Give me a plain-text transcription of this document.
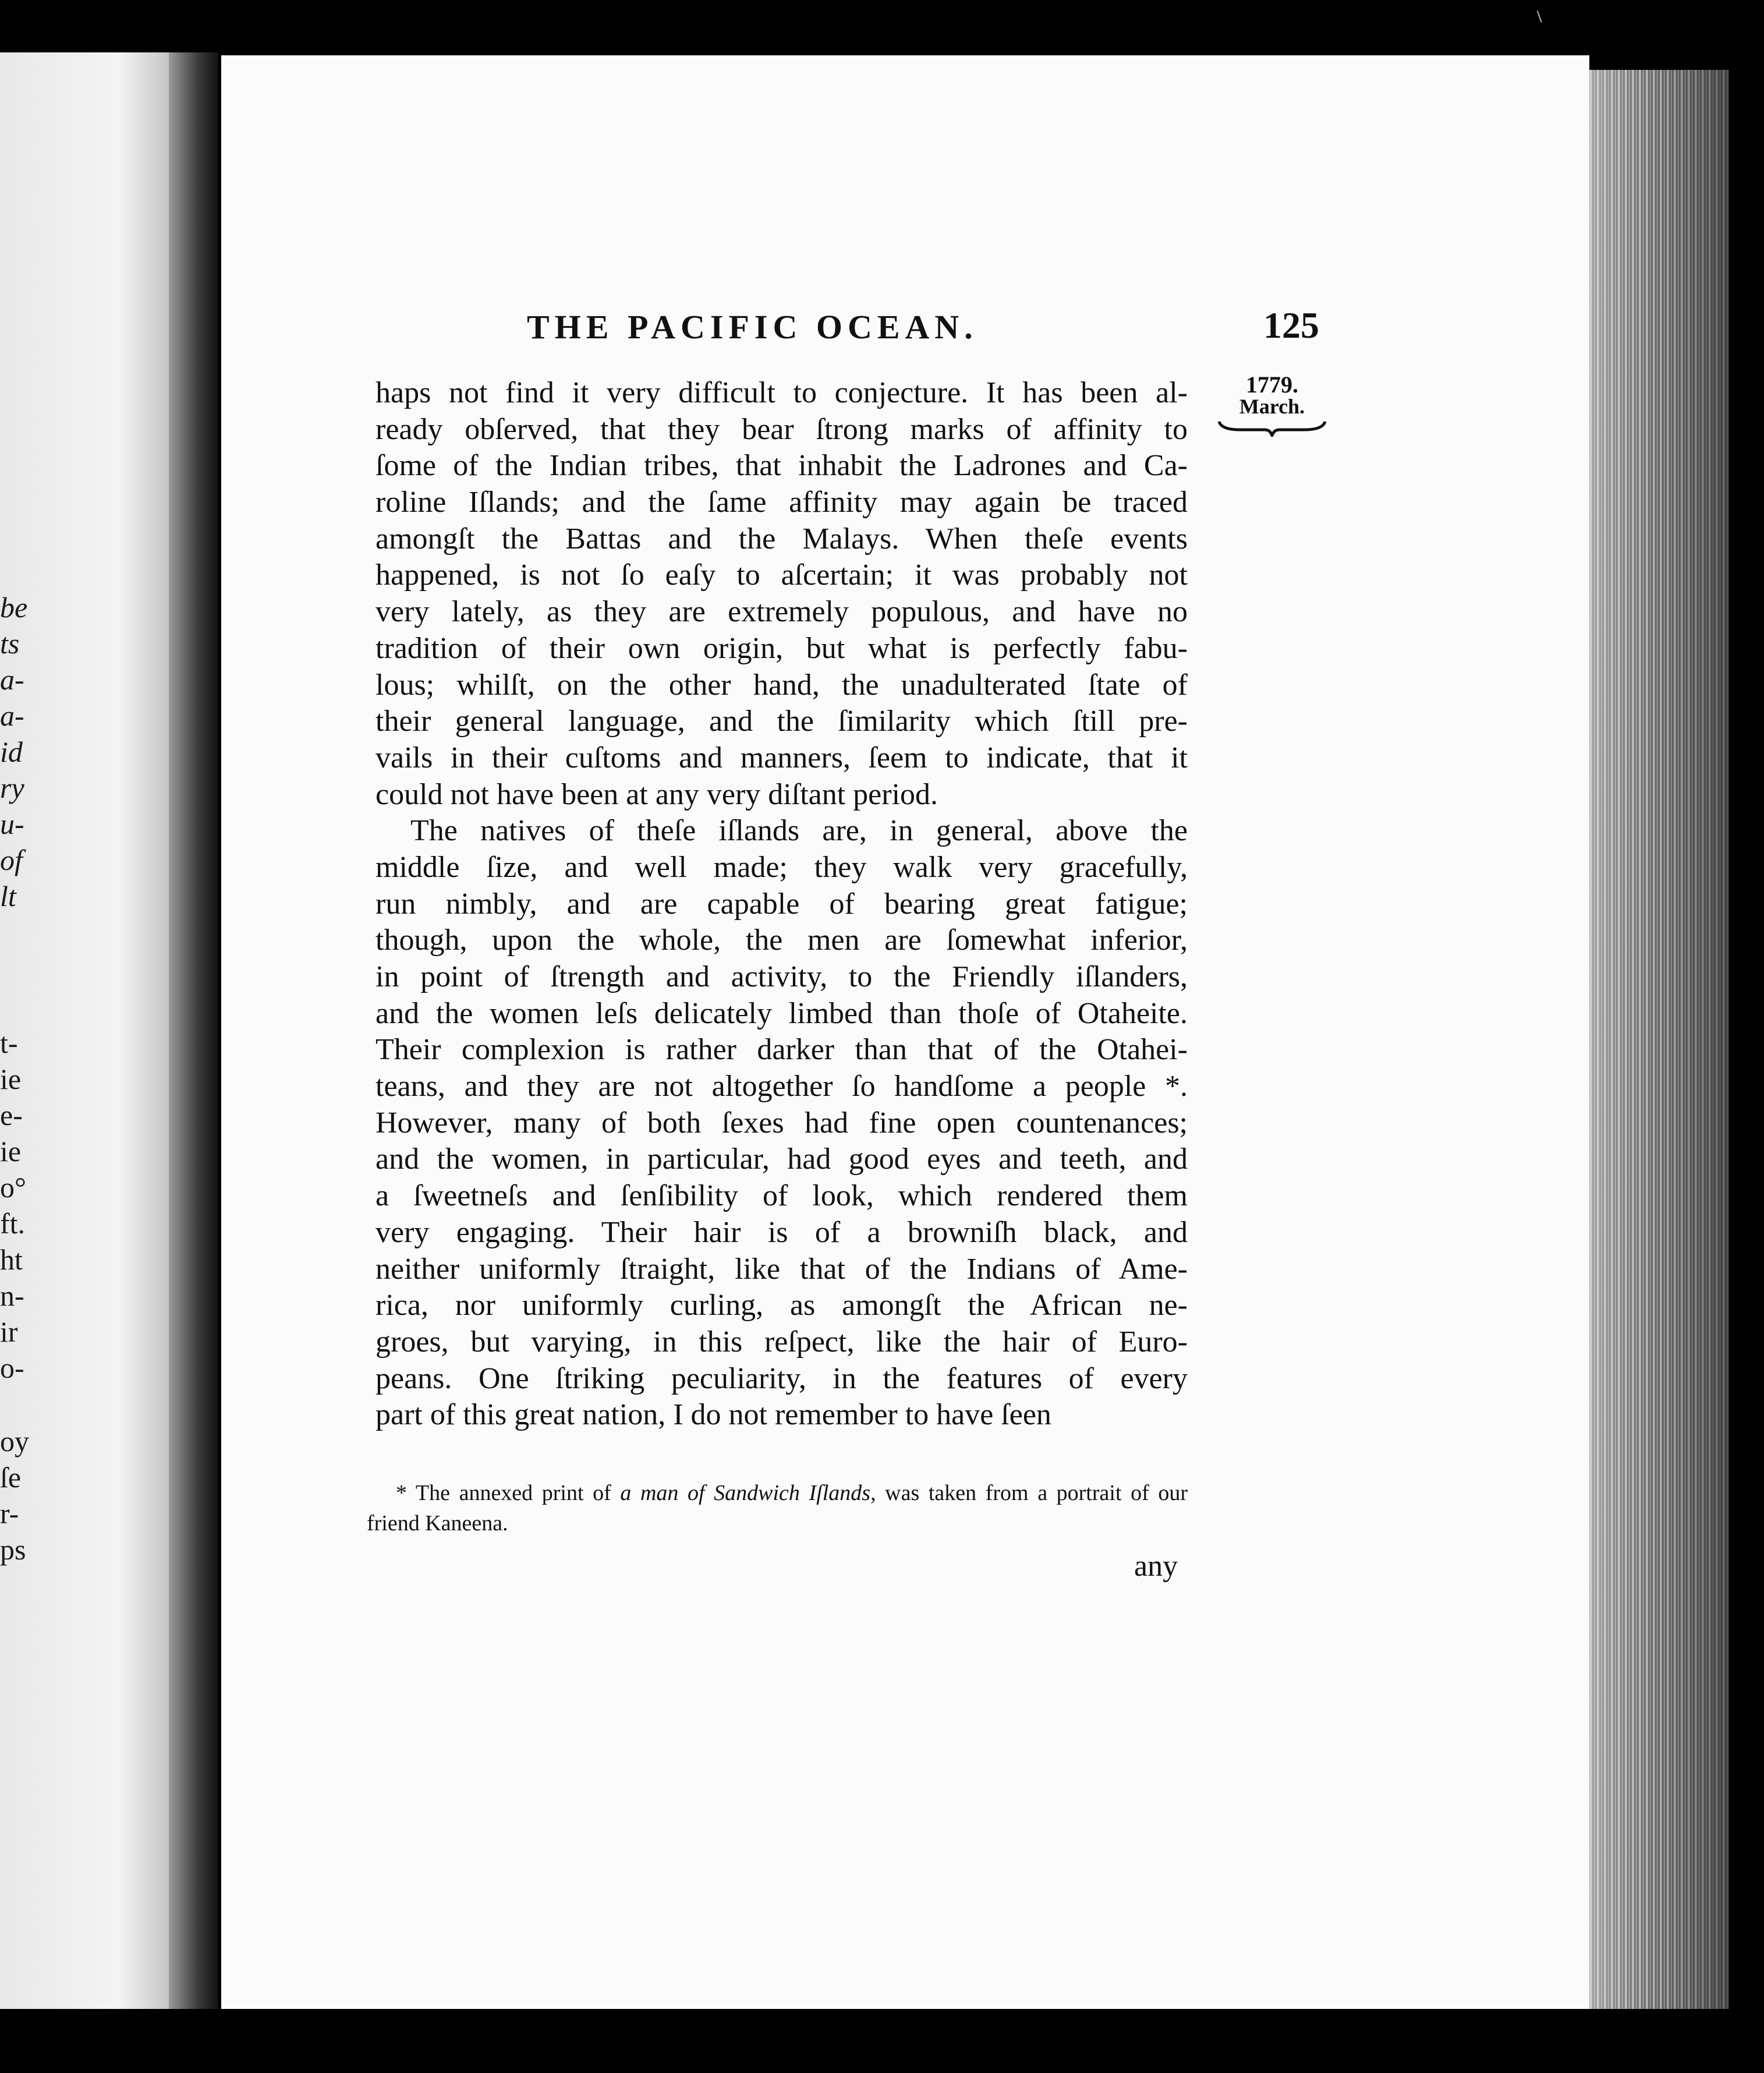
be
ts
a-
a-
id
ry
u-
of
lt
t-
ie
e-
ie
o°
ft.
ht
n-
ir
o-
oy
ſe
r-
ps
\
THE PACIFIC OCEAN.	125
1779.
March.
haps not find it very difficult to conjecture. It has been al-
ready obſerved, that they bear ſtrong marks of affinity to
ſome of the Indian tribes, that inhabit the Ladrones and Ca-
roline Iſlands; and the ſame affinity may again be traced
amongſt the Battas and the Malays. When theſe events
happened, is not ſo eaſy to aſcertain; it was probably not
very lately, as they are extremely populous, and have no
tradition of their own origin, but what is perfectly fabu-
lous; whilſt, on the other hand, the unadulterated ſtate of
their general language, and the ſimilarity which ſtill pre-
vails in their cuſtoms and manners, ſeem to indicate, that it
could not have been at any very diſtant period.
The natives of theſe iſlands are, in general, above the
middle ſize, and well made; they walk very gracefully,
run nimbly, and are capable of bearing great fatigue;
though, upon the whole, the men are ſomewhat inferior,
in point of ſtrength and activity, to the Friendly iſlanders,
and the women leſs delicately limbed than thoſe of Otaheite.
Their complexion is rather darker than that of the Otahei-
teans, and they are not altogether ſo handſome a people *.
However, many of both ſexes had fine open countenances;
and the women, in particular, had good eyes and teeth, and
a ſweetneſs and ſenſibility of look, which rendered them
very engaging. Their hair is of a browniſh black, and
neither uniformly ſtraight, like that of the Indians of Ame-
rica, nor uniformly curling, as amongſt the African ne-
groes, but varying, in this reſpect, like the hair of Euro-
peans. One ſtriking peculiarity, in the features of every
part of this great nation, I do not remember to have ſeen
* The annexed print of a man of Sandwich Iſlands, was taken from a portrait of our
friend Kaneena.
any
